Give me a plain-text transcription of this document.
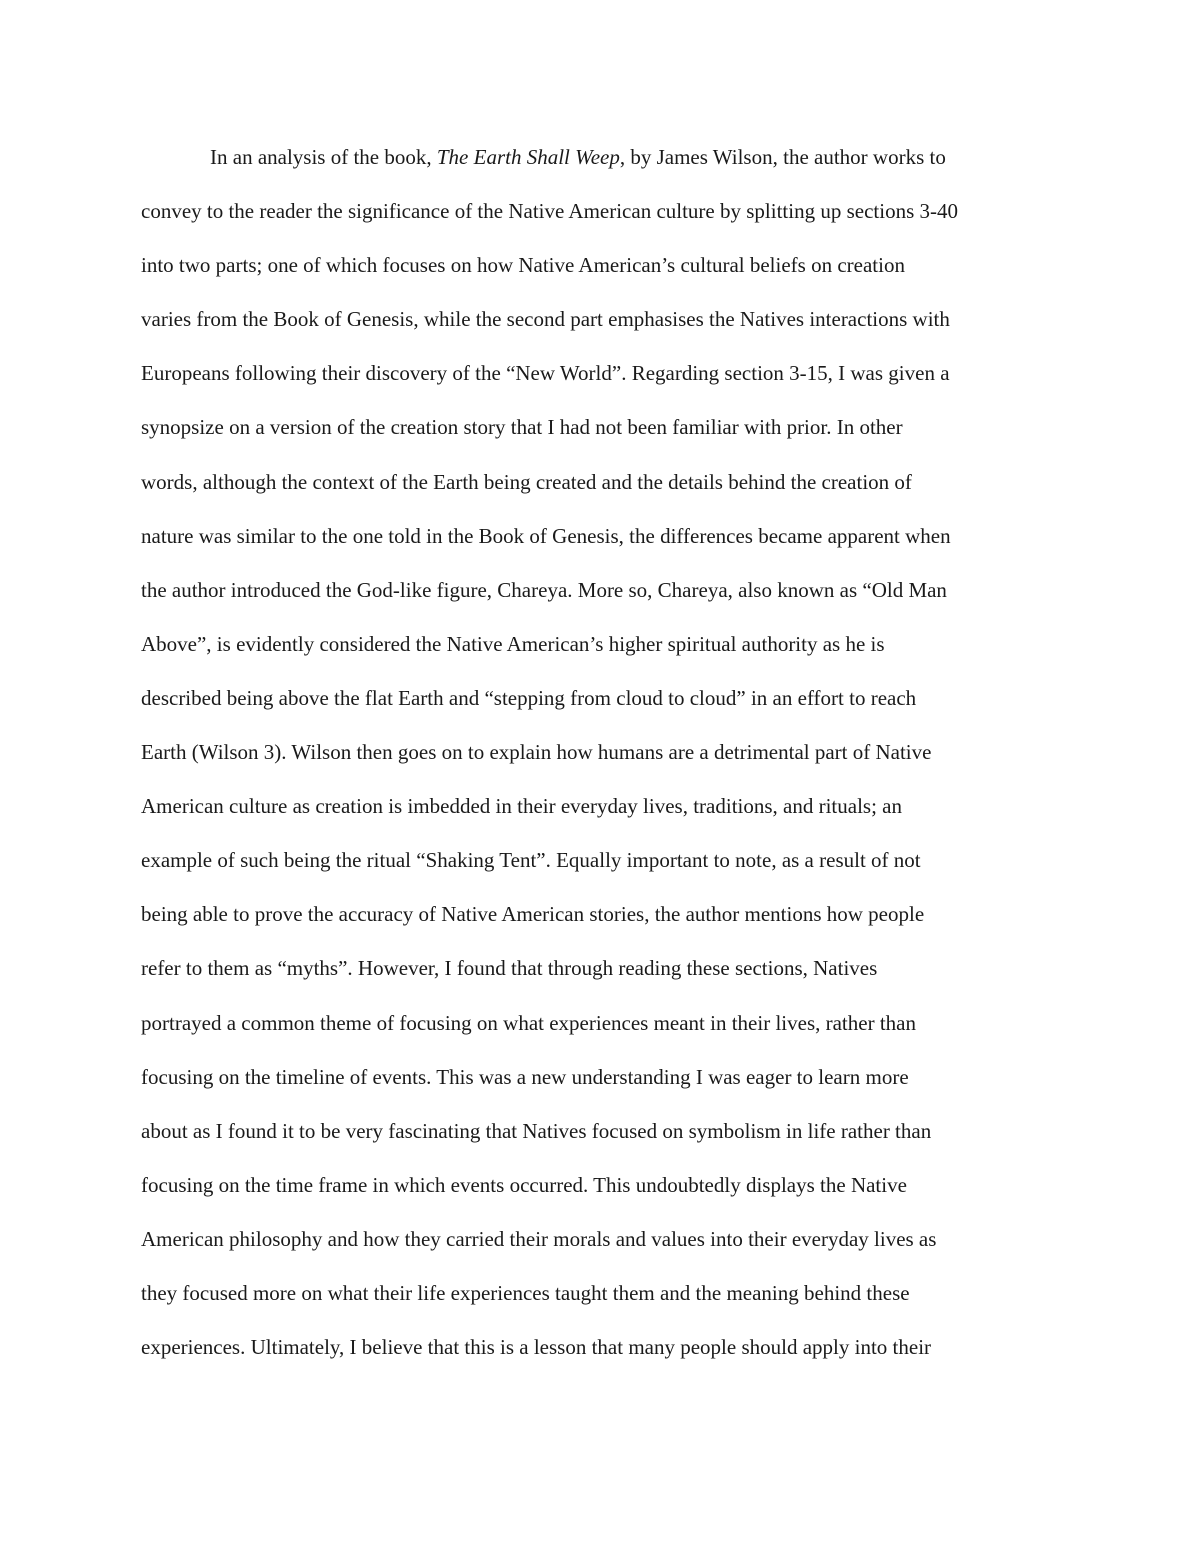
In an analysis of the book, The Earth Shall Weep, by James Wilson, the author works to
convey to the reader the significance of the Native American culture by splitting up sections 3-40
into two parts; one of which focuses on how Native American’s cultural beliefs on creation
varies from the Book of Genesis, while the second part emphasises the Natives interactions with
Europeans following their discovery of the “New World”. Regarding section 3-15, I was given a
synopsize on a version of the creation story that I had not been familiar with prior. In other
words, although the context of the Earth being created and the details behind the creation of
nature was similar to the one told in the Book of Genesis, the differences became apparent when
the author introduced the God-like figure, Chareya. More so, Chareya, also known as “Old Man
Above”, is evidently considered the Native American’s higher spiritual authority as he is
described being above the flat Earth and “stepping from cloud to cloud” in an effort to reach
Earth (Wilson 3). Wilson then goes on to explain how humans are a detrimental part of Native
American culture as creation is imbedded in their everyday lives, traditions, and rituals; an
example of such being the ritual “Shaking Tent”. Equally important to note, as a result of not
being able to prove the accuracy of Native American stories, the author mentions how people
refer to them as “myths”. However, I found that through reading these sections, Natives
portrayed a common theme of focusing on what experiences meant in their lives, rather than
focusing on the timeline of events. This was a new understanding I was eager to learn more
about as I found it to be very fascinating that Natives focused on symbolism in life rather than
focusing on the time frame in which events occurred. This undoubtedly displays the Native
American philosophy and how they carried their morals and values into their everyday lives as
they focused more on what their life experiences taught them and the meaning behind these
experiences. Ultimately, I believe that this is a lesson that many people should apply into their
